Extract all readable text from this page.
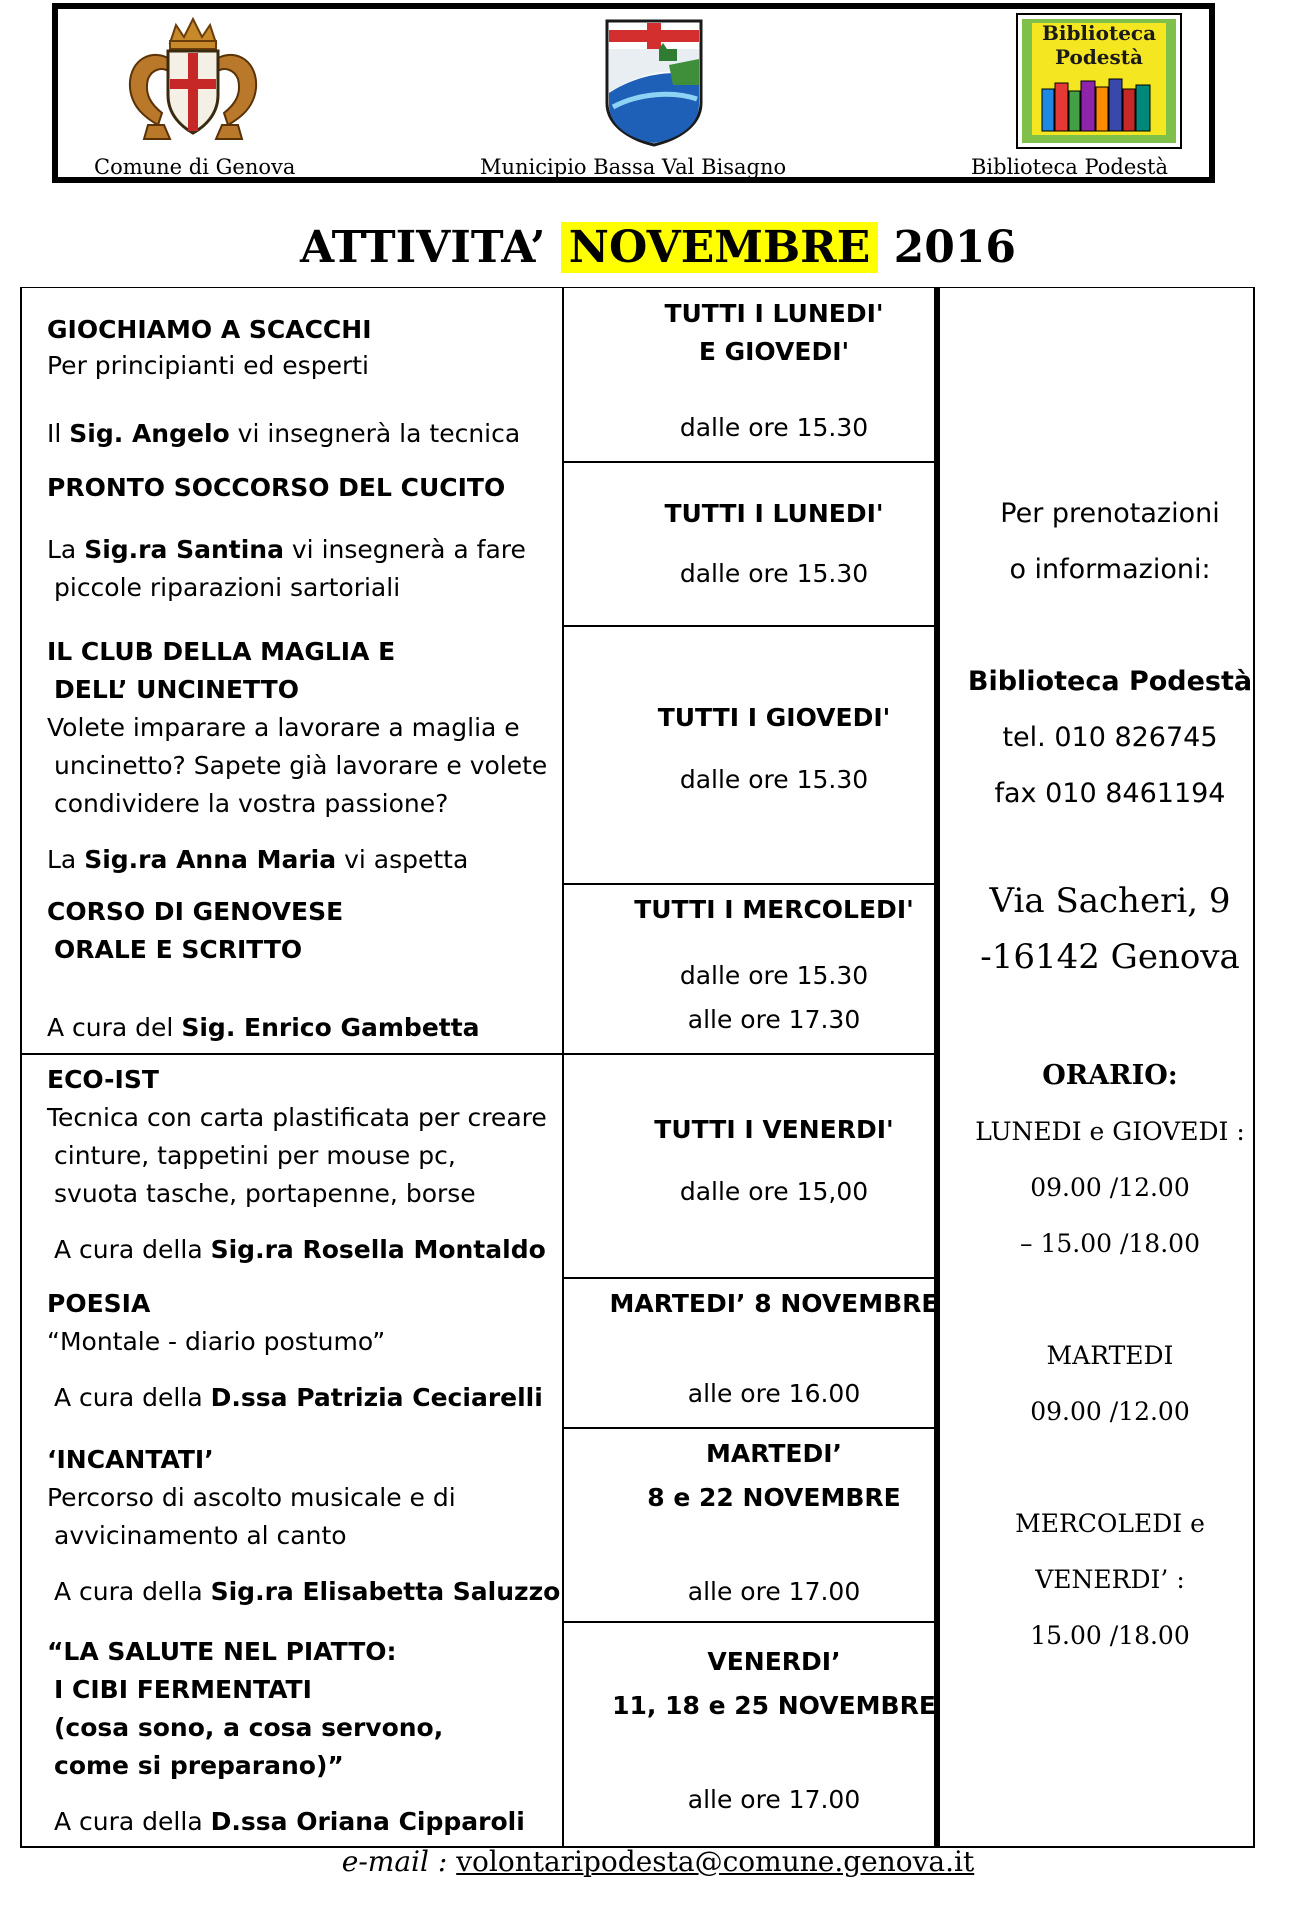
Biblioteca
Podestà
Comune di Genova	Municipio Bassa Val Bisagno	Biblioteca Podestà
ATTIVITA’ NOVEMBRE 2016
GIOCHIAMO A SCACCHI
Per principianti ed esperti
Il Sig. Angelo vi insegnerà la tecnica
TUTTI I LUNEDI'
E GIOVEDI'
dalle ore 15.30
PRONTO SOCCORSO DEL CUCITO
La Sig.ra Santina vi insegnerà a fare
piccole riparazioni sartoriali
TUTTI I LUNEDI'
dalle ore 15.30
IL CLUB DELLA MAGLIA E
DELL’ UNCINETTO
Volete imparare a lavorare a maglia e
uncinetto? Sapete già lavorare e volete
condividere la vostra passione?
La Sig.ra Anna Maria vi aspetta
TUTTI I GIOVEDI'
dalle ore 15.30
CORSO DI GENOVESE
ORALE E SCRITTO
A cura del Sig. Enrico Gambetta
TUTTI I MERCOLEDI'
dalle ore 15.30
alle ore 17.30
ECO-IST
Tecnica con carta plastificata per creare
cinture, tappetini per mouse pc,
svuota tasche, portapenne, borse
A cura della Sig.ra Rosella Montaldo
TUTTI I VENERDI'
dalle ore 15,00
POESIA
“Montale - diario postumo”
A cura della D.ssa Patrizia Ceciarelli
MARTEDI’ 8 NOVEMBRE
alle ore 16.00
‘INCANTATI’
Percorso di ascolto musicale e di
avvicinamento al canto
A cura della Sig.ra Elisabetta Saluzzo
MARTEDI’
8 e 22 NOVEMBRE
alle ore 17.00
“LA SALUTE NEL PIATTO:
I CIBI FERMENTATI
(cosa sono, a cosa servono,
come si preparano)”
A cura della D.ssa Oriana Cipparoli
VENERDI’
11, 18 e 25 NOVEMBRE
alle ore 17.00
Per prenotazioni
o informazioni:
Biblioteca Podestà
tel. 010 826745
fax 010 8461194
Via Sacheri, 9
-16142 Genova
ORARIO:
LUNEDI e GIOVEDI :
09.00 /12.00
– 15.00 /18.00
MARTEDI
09.00 /12.00
MERCOLEDI e
VENERDI’ :
15.00 /18.00
e-mail : volontaripodesta@comune.genova.it
